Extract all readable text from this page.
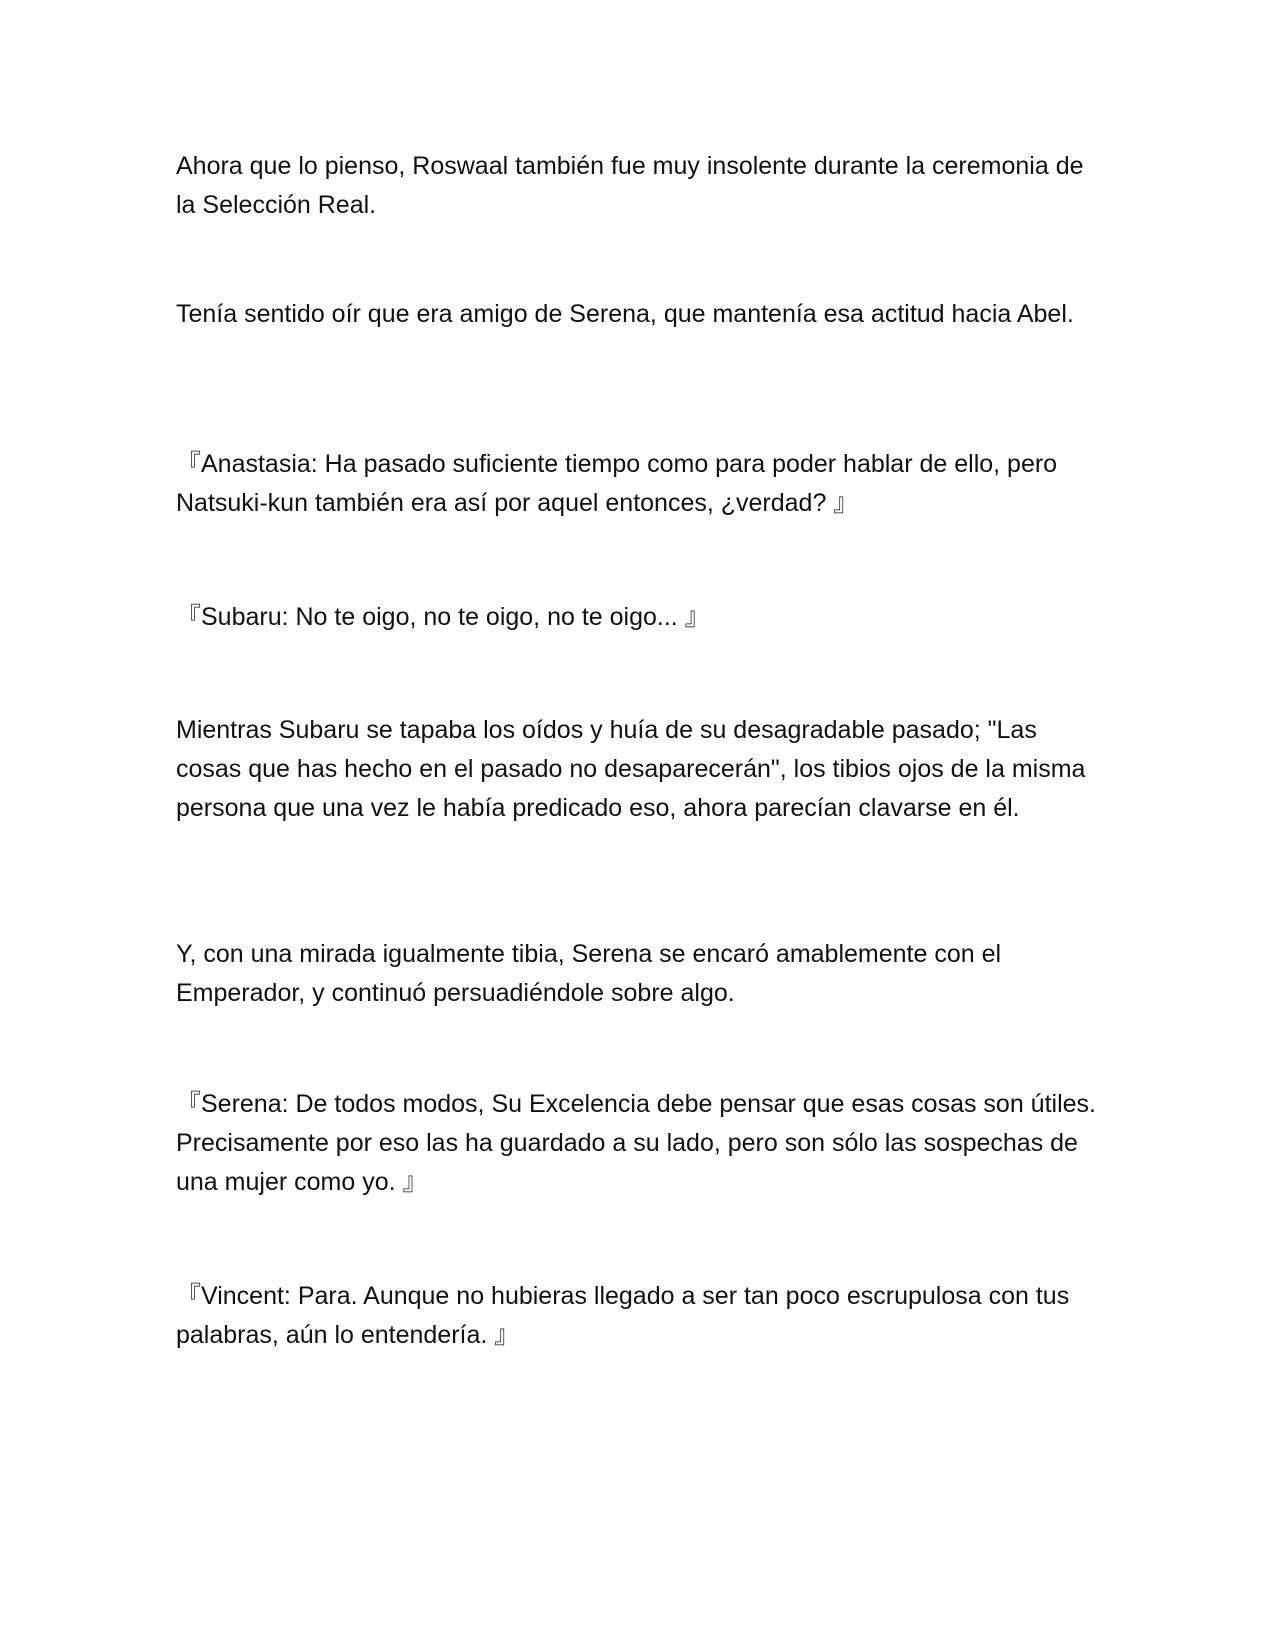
Ahora que lo pienso, Roswaal también fue muy insolente durante la ceremonia de la Selección Real.

Tenía sentido oír que era amigo de Serena, que mantenía esa actitud hacia Abel.

『Anastasia: Ha pasado suficiente tiempo como para poder hablar de ello, pero Natsuki-kun también era así por aquel entonces, ¿verdad? 』

『Subaru: No te oigo, no te oigo, no te oigo... 』

Mientras Subaru se tapaba los oídos y huía de su desagradable pasado; "Las cosas que has hecho en el pasado no desaparecerán", los tibios ojos de la misma persona que una vez le había predicado eso, ahora parecían clavarse en él.

Y, con una mirada igualmente tibia, Serena se encaró amablemente con el Emperador, y continuó persuadiéndole sobre algo.

『Serena: De todos modos, Su Excelencia debe pensar que esas cosas son útiles. Precisamente por eso las ha guardado a su lado, pero son sólo las sospechas de una mujer como yo. 』

『Vincent: Para. Aunque no hubieras llegado a ser tan poco escrupulosa con tus palabras, aún lo entendería. 』
